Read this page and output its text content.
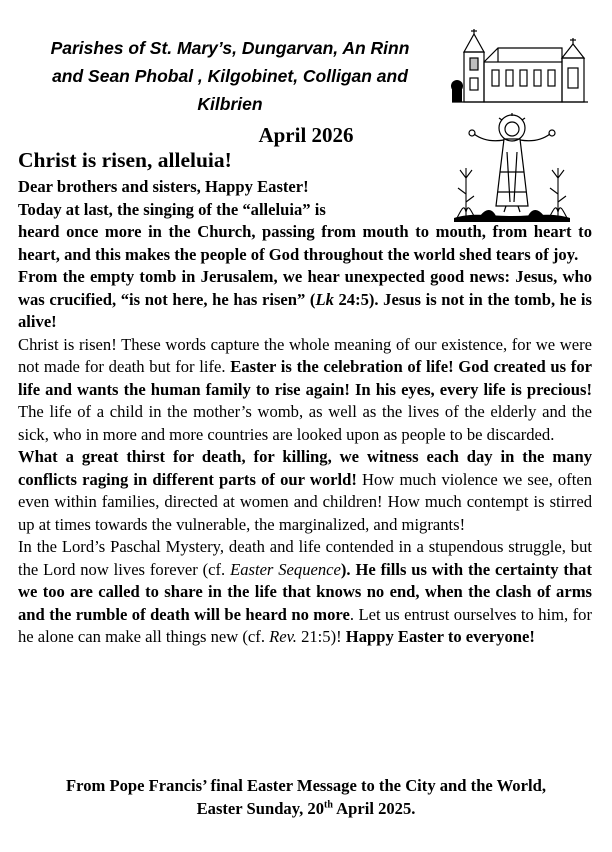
Parishes of St. Mary’s, Dungarvan, An Rinn
and Sean Phobal , Kilgobinet, Colligan and
Kilbrien
April 2026
Christ is risen, alleluia!

Dear brothers and sisters, Happy Easter!

Today at last, the singing of the “alleluia” is

heard once more in the Church, passing from mouth to mouth, from heart to heart, and this makes the people of God throughout the world shed tears of joy.

From the empty tomb in Jerusalem, we hear unexpected good news: Jesus, who was crucified, “is not here, he has risen” (Lk 24:5). Jesus is not in the tomb, he is alive!

Christ is risen! These words capture the whole meaning of our existence, for we were not made for death but for life. Easter is the celebration of life! God created us for life and wants the human family to rise again! In his eyes, every life is precious! The life of a child in the mother’s womb, as well as the lives of the elderly and the sick, who in more and more countries are looked upon as people to be discarded.

What a great thirst for death, for killing, we witness each day in the many conflicts raging in different parts of our world! How much violence we see, often even within families, directed at women and children! How much contempt is stirred up at times towards the vulnerable, the marginalized, and migrants!

In the Lord’s Paschal Mystery, death and life contended in a stupendous struggle, but the Lord now lives forever (cf. Easter Sequence). He fills us with the certainty that we too are called to share in the life that knows no end, when the clash of arms and the rumble of death will be heard no more. Let us entrust ourselves to him, for he alone can make all things new (cf. Rev. 21:5)! Happy Easter to everyone!

From Pope Francis’ final Easter Message to the City and the World,
Easter Sunday, 20th April 2025.
